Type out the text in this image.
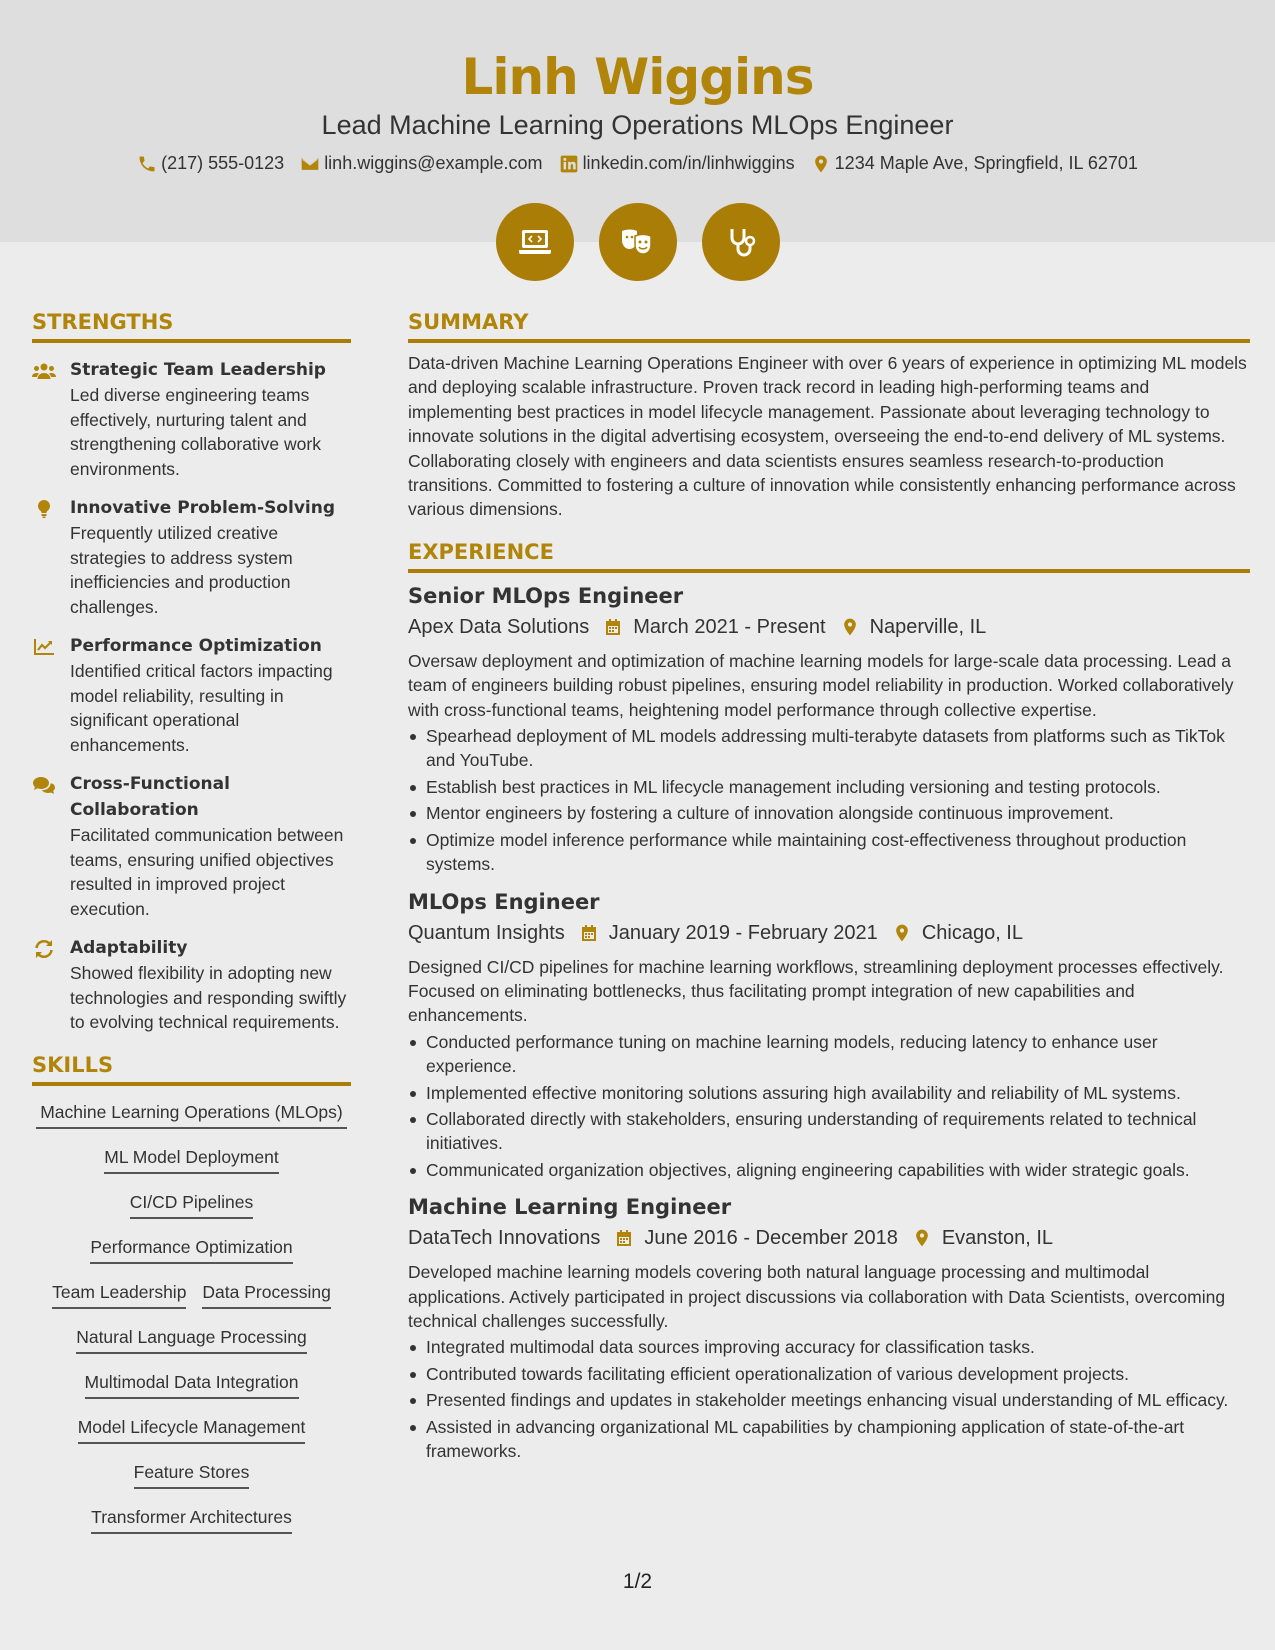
Linh Wiggins
Lead Machine Learning Operations MLOps Engineer
(217) 555-0123 linh.wiggins@example.com linkedin.com/in/linhwiggins 1234 Maple Ave, Springfield, IL 62701
STRENGTHS
Strategic Team Leadership
Led diverse engineering teams effectively, nurturing talent and strengthening collaborative work environments.
Innovative Problem-Solving
Frequently utilized creative strategies to address system inefficiencies and production challenges.
Performance Optimization
Identified critical factors impacting model reliability, resulting in significant operational enhancements.
Cross-Functional Collaboration
Facilitated communication between teams, ensuring unified objectives resulted in improved project execution.
Adaptability
Showed flexibility in adopting new technologies and responding swiftly to evolving technical requirements.
SKILLS
Machine Learning Operations (MLOps)
ML Model Deployment
CI/CD Pipelines
Performance Optimization
Team Leadership Data Processing
Natural Language Processing
Multimodal Data Integration
Model Lifecycle Management
Feature Stores
Transformer Architectures
SUMMARY
Data-driven Machine Learning Operations Engineer with over 6 years of experience in optimizing ML models and deploying scalable infrastructure. Proven track record in leading high-performing teams and implementing best practices in model lifecycle management. Passionate about leveraging technology to innovate solutions in the digital advertising ecosystem, overseeing the end-to-end delivery of ML systems. Collaborating closely with engineers and data scientists ensures seamless research-to-production transitions. Committed to fostering a culture of innovation while consistently enhancing performance across various dimensions.
EXPERIENCE
Senior MLOps Engineer
Apex Data Solutions March 2021 - Present Naperville, IL
Oversaw deployment and optimization of machine learning models for large-scale data processing. Lead a team of engineers building robust pipelines, ensuring model reliability in production. Worked collaboratively with cross-functional teams, heightening model performance through collective expertise.
Spearhead deployment of ML models addressing multi-terabyte datasets from platforms such as TikTok and YouTube.
Establish best practices in ML lifecycle management including versioning and testing protocols.
Mentor engineers by fostering a culture of innovation alongside continuous improvement.
Optimize model inference performance while maintaining cost-effectiveness throughout production systems.
MLOps Engineer
Quantum Insights January 2019 - February 2021 Chicago, IL
Designed CI/CD pipelines for machine learning workflows, streamlining deployment processes effectively. Focused on eliminating bottlenecks, thus facilitating prompt integration of new capabilities and enhancements.
Conducted performance tuning on machine learning models, reducing latency to enhance user experience.
Implemented effective monitoring solutions assuring high availability and reliability of ML systems.
Collaborated directly with stakeholders, ensuring understanding of requirements related to technical initiatives.
Communicated organization objectives, aligning engineering capabilities with wider strategic goals.
Machine Learning Engineer
DataTech Innovations June 2016 - December 2018 Evanston, IL
Developed machine learning models covering both natural language processing and multimodal applications. Actively participated in project discussions via collaboration with Data Scientists, overcoming technical challenges successfully.
Integrated multimodal data sources improving accuracy for classification tasks.
Contributed towards facilitating efficient operationalization of various development projects.
Presented findings and updates in stakeholder meetings enhancing visual understanding of ML efficacy.
Assisted in advancing organizational ML capabilities by championing application of state-of-the-art frameworks.
1/2
